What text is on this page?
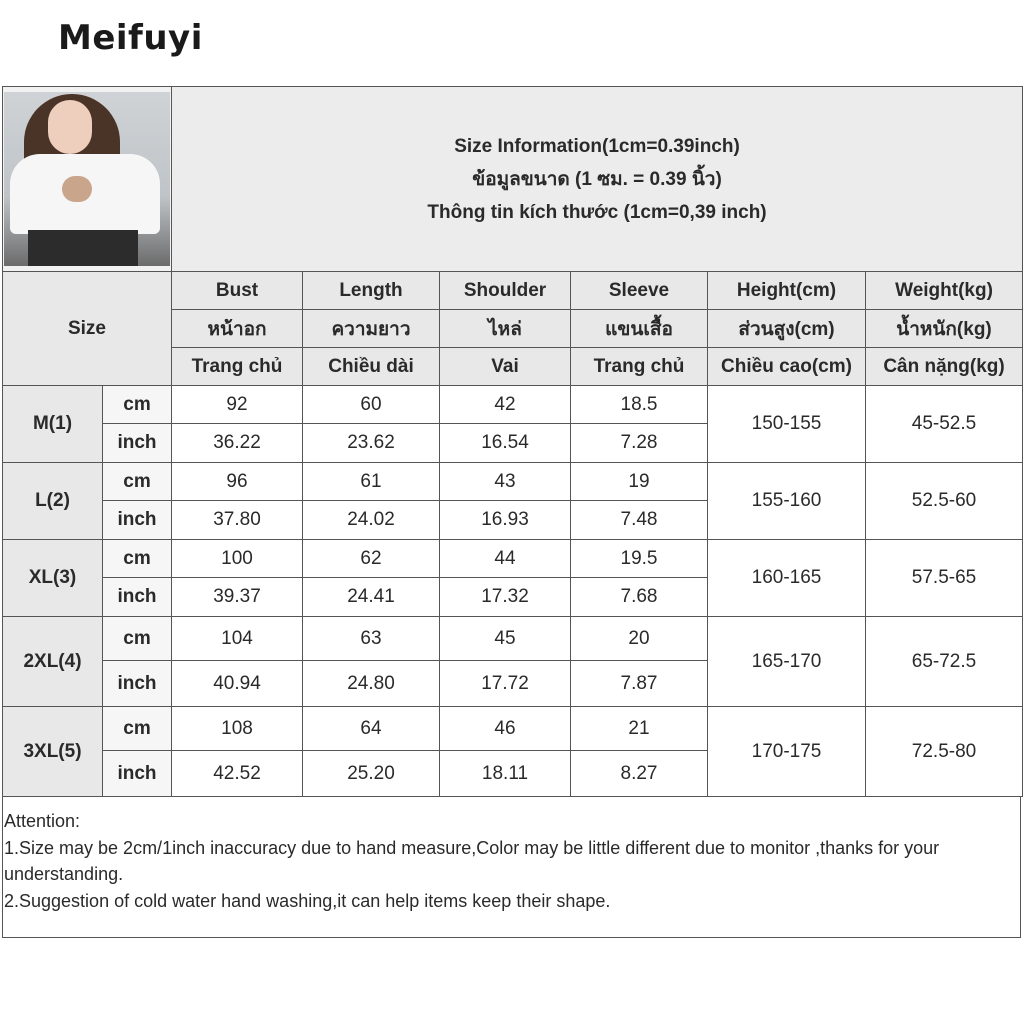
Meifuyi

		Size Information(1cm=0.39inch)
ข้อมูลขนาด (1 ซม. = 0.39 นิ้ว)
Thông tin kích thước (1cm=0,39 inch)					

Size		Bust	Length	Shoulder	Sleeve	Height(cm)	Weight(kg)
		หน้าอก	ความยาว	ไหล่	แขนเสื้อ	ส่วนสูง(cm)	น้ำหนัก(kg)
		Trang chủ	Chiều dài	Vai	Trang chủ	Chiều cao(cm)	Cân nặng(kg)
M(1)	cm	92	60	42	18.5	150-155	45-52.5
	inch	36.22	23.62	16.54	7.28		
L(2)	cm	96	61	43	19	155-160	52.5-60
	inch	37.80	24.02	16.93	7.48		
XL(3)	cm	100	62	44	19.5	160-165	57.5-65
	inch	39.37	24.41	17.32	7.68		
2XL(4)	cm	104	63	45	20	165-170	65-72.5
	inch	40.94	24.80	17.72	7.87		
3XL(5)	cm	108	64	46	21	170-175	72.5-80
	inch	42.52	25.20	18.11	8.27		
Attention:
1.Size may be 2cm/1inch inaccuracy due to hand measure,Color may be little different due to monitor ,thanks for your understanding.
2.Suggestion of cold water hand washing,it can help items keep their shape.
